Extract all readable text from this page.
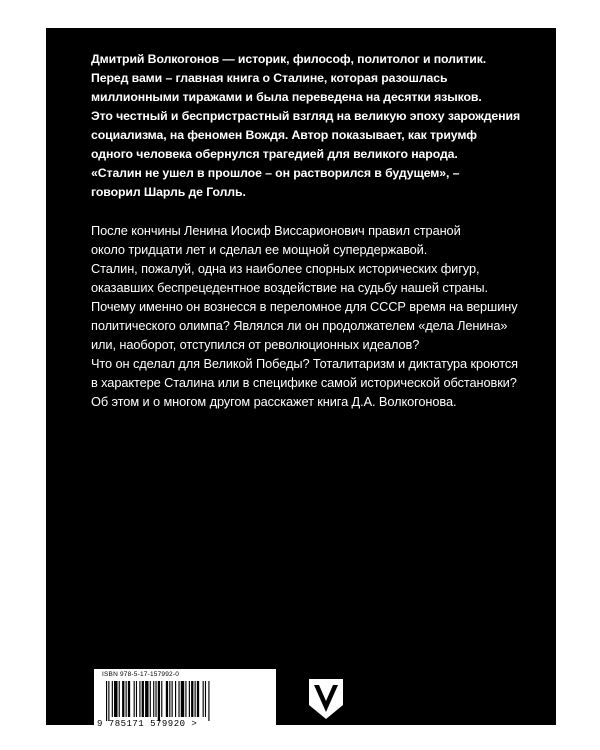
Дмитрий Волкогонов — историк, философ, политолог и политик.
Перед вами – главная книга о Сталине, которая разошлась
миллионными тиражами и была переведена на десятки языков.
Это честный и беспристрастный взгляд на великую эпоху зарождения
социализма, на феномен Вождя. Автор показывает, как триумф
одного человека обернулся трагедией для великого народа.
«Сталин не ушел в прошлое – он растворился в будущем», –
говорил Шарль де Голль.
После кончины Ленина Иосиф Виссарионович правил страной
около тридцати лет и сделал ее мощной супердержавой.
Сталин, пожалуй, одна из наиболее спорных исторических фигур,
оказавших беспрецедентное воздействие на судьбу нашей страны.
Почему именно он вознесся в переломное для СССР время на вершину
политического олимпа? Являлся ли он продолжателем «дела Ленина»
или, наоборот, отступился от революционных идеалов?
Что он сделал для Великой Победы? Тоталитаризм и диктатура кроются
в характере Сталина или в специфике самой исторической обстановки?
Об этом и о многом другом расскажет книга Д.А. Волкогонова.
ISBN 978-5-17-157992-0
9 785171 579920 >
